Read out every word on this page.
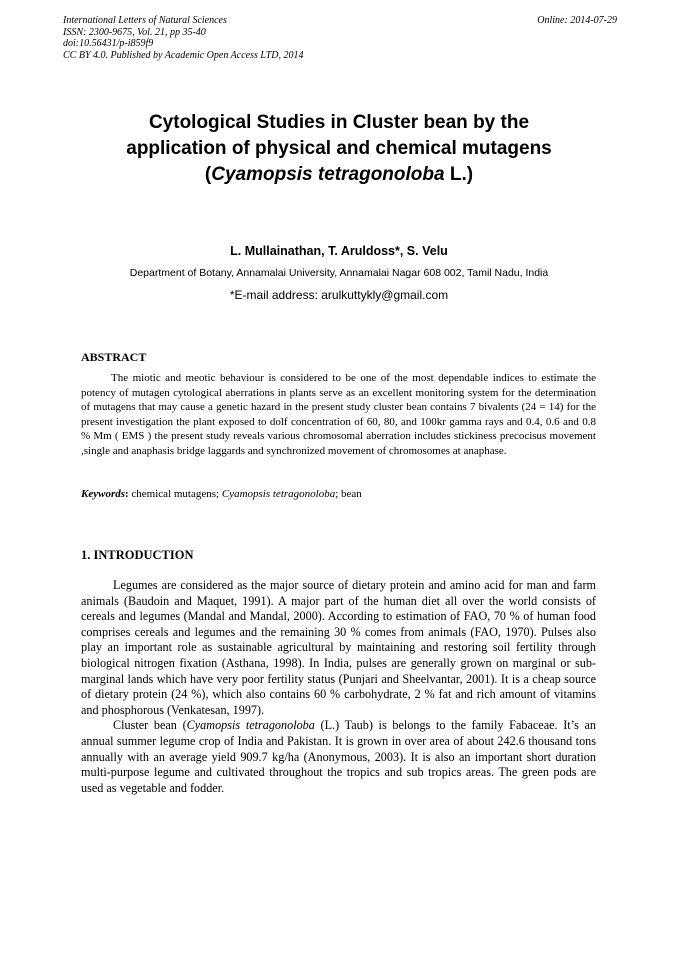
International Letters of Natural Sciences
ISSN: 2300-9675, Vol. 21, pp 35-40
doi:10.56431/p-i859f9
CC BY 4.0. Published by Academic Open Access LTD, 2014
Online: 2014-07-29
Cytological Studies in Cluster bean by the
application of physical and chemical mutagens
(Cyamopsis tetragonoloba L.)
L. Mullainathan, T. Aruldoss*, S. Velu
Department of Botany, Annamalai University, Annamalai Nagar 608 002, Tamil Nadu, India
*E-mail address: arulkuttykly@gmail.com
ABSTRACT

The miotic and meotic behaviour is considered to be one of the most dependable indices to estimate the potency of mutagen cytological aberrations in plants serve as an excellent monitoring system for the determination of mutagens that may cause a genetic hazard in the present study cluster bean contains 7 bivalents (24 = 14) for the present investigation the plant exposed to dolf concentration of 60, 80, and 100kr gamma rays and 0.4, 0.6 and 0.8 % Mm ( EMS ) the present study reveals various chromosomal aberration includes stickiness precocisus movement ,single and anaphasis bridge laggards and synchronized movement of chromosomes at anaphase.

Keywords: chemical mutagens; Cyamopsis tetragonoloba; bean

1. INTRODUCTION

Legumes are considered as the major source of dietary protein and amino acid for man and farm animals (Baudoin and Maquet, 1991). A major part of the human diet all over the world consists of cereals and legumes (Mandal and Mandal, 2000). According to estimation of FAO, 70 % of human food comprises cereals and legumes and the remaining 30 % comes from animals (FAO, 1970). Pulses also play an important role as sustainable agricultural by maintaining and restoring soil fertility through biological nitrogen fixation (Asthana, 1998). In India, pulses are generally grown on marginal or sub-marginal lands which have very poor fertility status (Punjari and Sheelvantar, 2001). It is a cheap source of dietary protein (24 %), which also contains 60 % carbohydrate, 2 % fat and rich amount of vitamins and phosphorous (Venkatesan, 1997).

Cluster bean (Cyamopsis tetragonoloba (L.) Taub) is belongs to the family Fabaceae. It’s an annual summer legume crop of India and Pakistan. It is grown in over area of about 242.6 thousand tons annually with an average yield 909.7 kg/ha (Anonymous, 2003). It is also an important short duration multi-purpose legume and cultivated throughout the tropics and sub tropics areas. The green pods are used as vegetable and fodder.
